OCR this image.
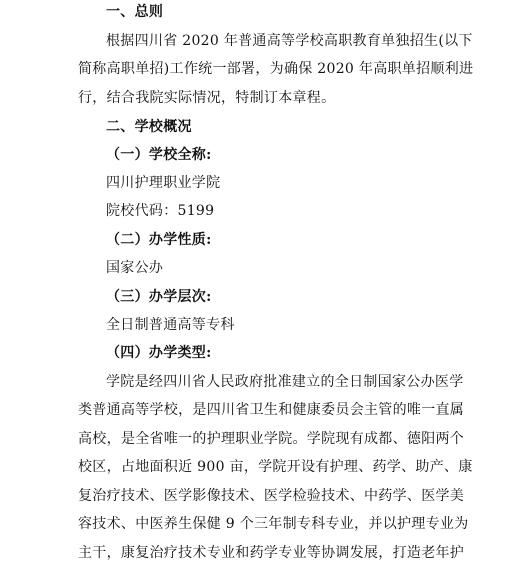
一、总则
根据四川省 2020 年普通高等学校高职教育单独招生(以下
简称高职单招)工作统一部署，为确保 2020 年高职单招顺利进
行，结合我院实际情况，特制订本章程。
二、学校概况
（一）学校全称:
四川护理职业学院
院校代码：5199
（二）办学性质:
国家公办
（三）办学层次:
全日制普通高等专科
（四）办学类型:
学院是经四川省人民政府批准建立的全日制国家公办医学
类普通高等学校，是四川省卫生和健康委员会主管的唯一直属
高校，是全省唯一的护理职业学院。学院现有成都、德阳两个
校区，占地面积近 900 亩，学院开设有护理、药学、助产、康
复治疗技术、医学影像技术、医学检验技术、中药学、医学美
容技术、中医养生保健 9 个三年制专科专业，并以护理专业为
主干，康复治疗技术专业和药学专业等协调发展，打造老年护
